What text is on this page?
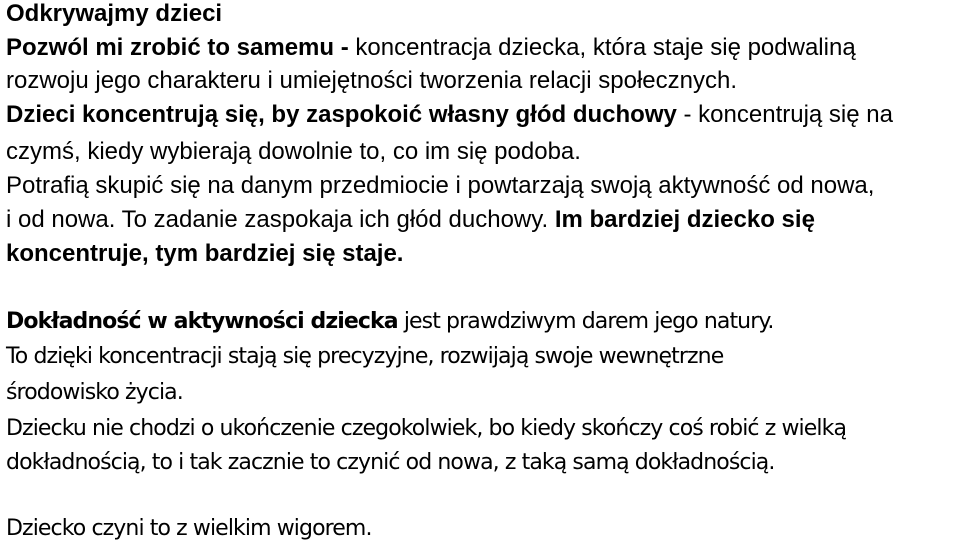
Odkrywajmy dzieci
Pozwól mi zrobić to samemu - koncentracja dziecka, która staje się podwaliną
rozwoju jego charakteru i umiejętności tworzenia relacji społecznych.
Dzieci koncentrują się, by zaspokoić własny głód duchowy - koncentrują się na
czymś, kiedy wybierają dowolnie to, co im się podoba.
Potrafią skupić się na danym przedmiocie i powtarzają swoją aktywność od nowa,
i od nowa. To zadanie zaspokaja ich głód duchowy. Im bardziej dziecko się
koncentruje, tym bardziej się staje.
Dokładność w aktywności dziecka jest prawdziwym darem jego natury.
To dzięki koncentracji stają się precyzyjne, rozwijają swoje wewnętrzne
środowisko życia.
Dziecku nie chodzi o ukończenie czegokolwiek, bo kiedy skończy coś robić z wielką
dokładnością, to i tak zacznie to czynić od nowa, z taką samą dokładnością.
Dziecko czyni to z wielkim wigorem.
